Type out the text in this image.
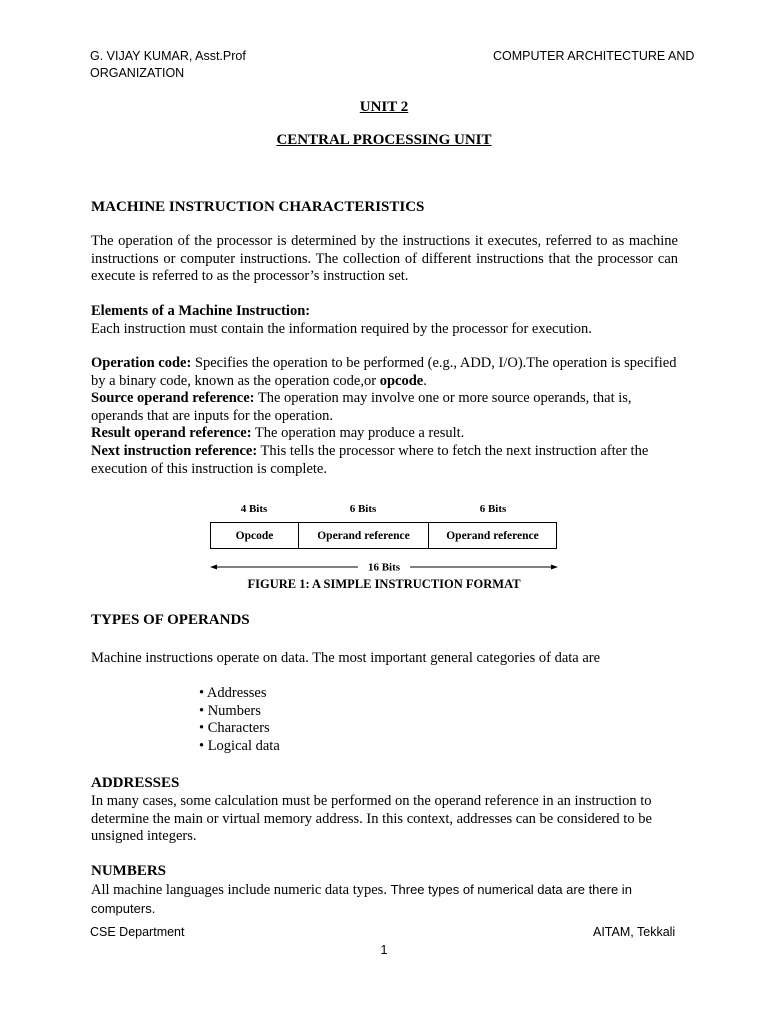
G. VIJAY KUMAR, Asst.Prof	COMPUTER ARCHITECTURE AND
ORGANIZATION
UNIT 2
CENTRAL PROCESSING UNIT
MACHINE INSTRUCTION CHARACTERISTICS
The operation of the processor is determined by the instructions it executes, referred to as machine instructions or computer instructions. The collection of different instructions that the processor can execute is referred to as the processor’s instruction set.
Elements of a Machine Instruction:
Each instruction must contain the information required by the processor for execution.
Operation code: Specifies the operation to be performed (e.g., ADD, I/O).The operation is specified by a binary code, known as the operation code,or opcode.
Source operand reference: The operation may involve one or more source operands, that is, operands that are inputs for the operation.
Result operand reference: The operation may produce a result.
Next instruction reference: This tells the processor where to fetch the next instruction after the execution of this instruction is complete.
4 Bits	6 Bits	6 Bits
Opcode	Operand reference	Operand reference
16 Bits
FIGURE 1: A SIMPLE INSTRUCTION FORMAT
TYPES OF OPERANDS
Machine instructions operate on data. The most important general categories of data are
• Addresses
• Numbers
• Characters
• Logical data
ADDRESSES
In many cases, some calculation must be performed on the operand reference in an instruction to determine the main or virtual memory address. In this context, addresses can be considered to be unsigned integers.
NUMBERS
All machine languages include numeric data types. Three types of numerical data are there in computers.
CSE Department	AITAM, Tekkali
1
